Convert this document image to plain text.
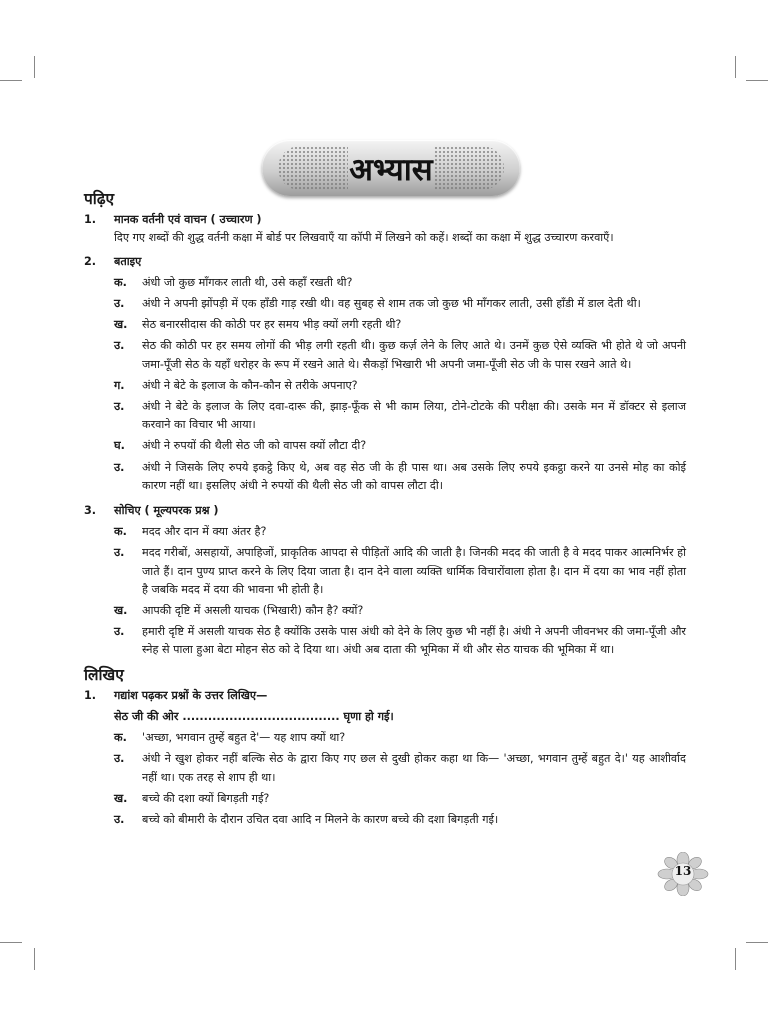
अभ्यास
पढ़िए
1.	मानक वर्तनी एवं वाचन ( उच्चारण )
दिए गए शब्दों की शुद्ध वर्तनी कक्षा में बोर्ड पर लिखवाएँ या कॉपी में लिखने को कहें। शब्दों का कक्षा में शुद्ध उच्चारण करवाएँ।
2.	बताइए
क.	अंधी जो कुछ माँगकर लाती थी, उसे कहाँ रखती थी?
उ.	अंधी ने अपनी झोंपड़ी में एक हाँडी गाड़ रखी थी। वह सुबह से शाम तक जो कुछ भी माँगकर लाती, उसी हाँडी में डाल देती थी।
ख.	सेठ बनारसीदास की कोठी पर हर समय भीड़ क्यों लगी रहती थी?
उ.	सेठ की कोठी पर हर समय लोगों की भीड़ लगी रहती थी। कुछ कर्ज़ लेने के लिए आते थे। उनमें कुछ ऐसे व्यक्ति भी होते थे जो अपनी जमा-पूँजी सेठ के यहाँ धरोहर के रूप में रखने आते थे। सैकड़ों भिखारी भी अपनी जमा-पूँजी सेठ जी के पास रखने आते थे।
ग.	अंधी ने बेटे के इलाज के कौन-कौन से तरीके अपनाए?
उ.	अंधी ने बेटे के इलाज के लिए दवा-दारू की, झाड़-फूँक से भी काम लिया, टोने-टोटके की परीक्षा की। उसके मन में डॉक्टर से इलाज करवाने का विचार भी आया।
घ.	अंधी ने रुपयों की थैली सेठ जी को वापस क्यों लौटा दी?
उ.	अंधी ने जिसके लिए रुपये इकट्ठे किए थे, अब वह सेठ जी के ही पास था। अब उसके लिए रुपये इकट्ठा करने या उनसे मोह का कोई कारण नहीं था। इसलिए अंधी ने रुपयों की थैली सेठ जी को वापस लौटा दी।
3.	सोचिए ( मूल्यपरक प्रश्न )
क.	मदद और दान में क्या अंतर है?
उ.	मदद गरीबों, असहायों, अपाहिजों, प्राकृतिक आपदा से पीड़ितों आदि की जाती है। जिनकी मदद की जाती है वे मदद पाकर आत्मनिर्भर हो जाते हैं। दान पुण्य प्राप्त करने के लिए दिया जाता है। दान देने वाला व्यक्ति धार्मिक विचारोंवाला होता है। दान में दया का भाव नहीं होता है जबकि मदद में दया की भावना भी होती है।
ख.	आपकी दृष्टि में असली याचक (भिखारी) कौन है? क्यों?
उ.	हमारी दृष्टि में असली याचक सेठ है क्योंकि उसके पास अंधी को देने के लिए कुछ भी नहीं है। अंधी ने अपनी जीवनभर की जमा-पूँजी और स्नेह से पाला हुआ बेटा मोहन सेठ को दे दिया था। अंधी अब दाता की भूमिका में थी और सेठ याचक की भूमिका में था।
लिखिए
1.	गद्यांश पढ़कर प्रश्नों के उत्तर लिखिए—
सेठ जी की ओर ..................................... घृणा हो गई।
क.	'अच्छा, भगवान तुम्हें बहुत दे'— यह शाप क्यों था?
उ.	अंधी ने खुश होकर नहीं बल्कि सेठ के द्वारा किए गए छल से दुखी होकर कहा था कि— 'अच्छा, भगवान तुम्हें बहुत दे।' यह आशीर्वाद नहीं था। एक तरह से शाप ही था।
ख.	बच्चे की दशा क्यों बिगड़ती गई?
उ.	बच्चे को बीमारी के दौरान उचित दवा आदि न मिलने के कारण बच्चे की दशा बिगड़ती गई।
13
